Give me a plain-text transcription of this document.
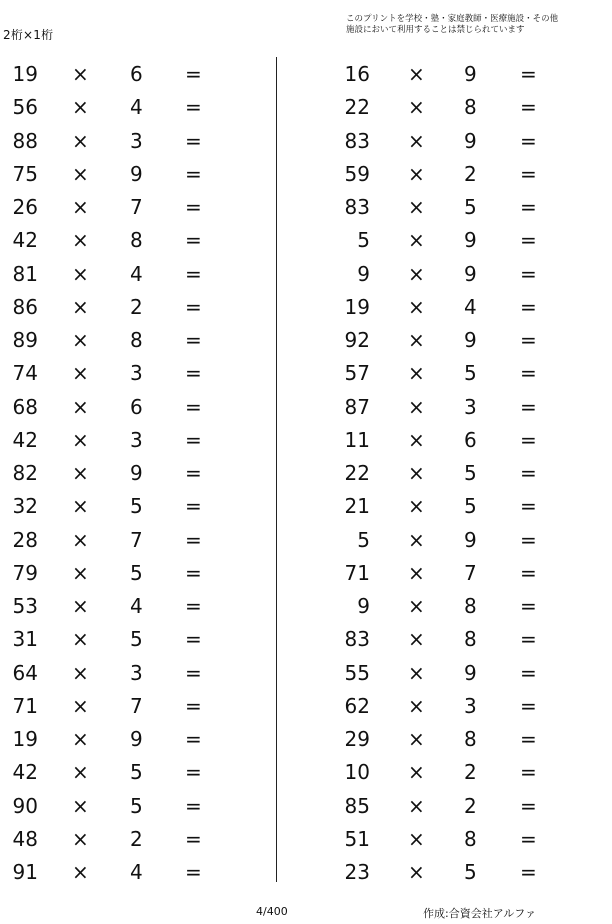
2桁×1桁
このプリントを学校・塾・家庭教師・医療施設・その他
施設において利用することは禁じられています
19 × 6 =
56 × 4 =
88 × 3 =
75 × 9 =
26 × 7 =
42 × 8 =
81 × 4 =
86 × 2 =
89 × 8 =
74 × 3 =
68 × 6 =
42 × 3 =
82 × 9 =
32 × 5 =
28 × 7 =
79 × 5 =
53 × 4 =
31 × 5 =
64 × 3 =
71 × 7 =
19 × 9 =
42 × 5 =
90 × 5 =
48 × 2 =
91 × 4 =
16 × 9 =
22 × 8 =
83 × 9 =
59 × 2 =
83 × 5 =
5 × 9 =
9 × 9 =
19 × 4 =
92 × 9 =
57 × 5 =
87 × 3 =
11 × 6 =
22 × 5 =
21 × 5 =
5 × 9 =
71 × 7 =
9 × 8 =
83 × 8 =
55 × 9 =
62 × 3 =
29 × 8 =
10 × 2 =
85 × 2 =
51 × 8 =
23 × 5 =
4/400	作成:合資会社アルファ
